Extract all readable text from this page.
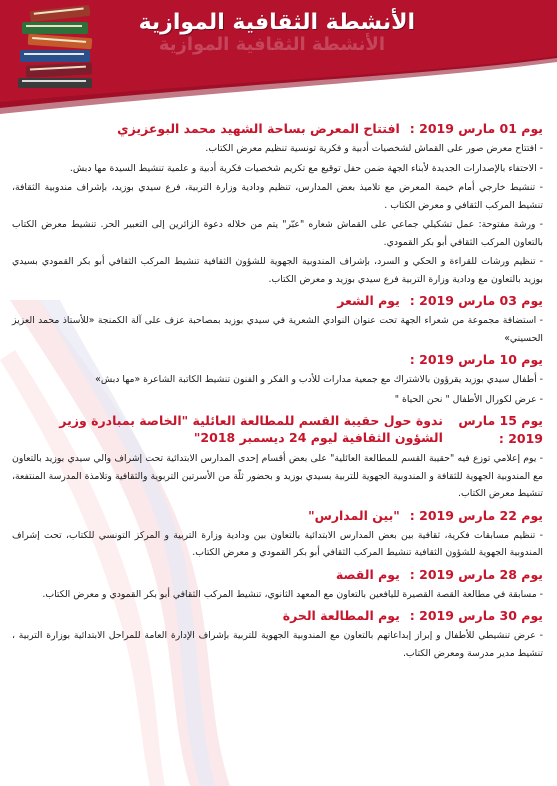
الأنشطة الثقافية الموازية
الأنشطة الثقافية الموازية
يوم 01 مارس 2019 :
افتتاح المعرض بساحة الشهيد محمد البوعزيزي
- افتتاح معرض صور على القماش لشخصيات أدبية و فكرية تونسية تنظيم معرض الكتاب.
- الاحتفاء بالإصدارات الجديدة لأبناء الجهة ضمن حفل توقيع مع تكريم شخصيات فكرية أدبية و علمية تنشيط السيدة مها دبش.
- تنشيط خارجي أمام خيمة المعرض مع تلاميذ بعض المدارس، تنظيم ودادية وزارة التربية، فرع سيدي بوزيد، بإشراف مندوبية الثقافة، تنشيط المركب الثقافي و معرض الكتاب .
- ورشة مفتوحة: عمل تشكيلي جماعي على القماش شعاره "عبّر" يتم من خلاله دعوة الزائرين إلى التعبير الحر. تنشيط معرض الكتاب بالتعاون المركب الثقافي أبو بكر القمودي.
- تنظيم ورشات للقراءة و الحكي و السرد، بإشراف المندوبية الجهوية للشؤون الثقافية تنشيط المركب الثقافي أبو بكر القمودي بسيدي بوزيد بالتعاون مع ودادية وزارة التربية فرع سيدي بوزيد و معرض الكتاب.
يوم 03 مارس 2019 :
يوم الشعر
- استضافة مجموعة من شعراء الجهة تحت عنوان النوادي الشعرية في سيدي بوزيد بمصاحبة عزف على آلة الكمنجة «للأستاذ محمد العزيز الحسيني»
يوم 10 مارس 2019 :
- أطفال سيدي بوزيد يقرؤون بالاشتراك مع جمعية مدارات للأدب و الفكر و الفنون تنشيط الكاتبة الشاعرة «مها دبش»
- عرض لكورال الأطفال " نحن الحياة "
يوم 15 مارس 2019 :
ندوة حول حقيبة القسم للمطالعة العائلية "الخاصة بمبادرة وزير الشؤون الثقافية ليوم 24 ديسمبر 2018"
- يوم إعلامي توزع فيه "حقيبة القسم للمطالعة العائلية" على بعض أقسام إحدى المدارس الابتدائية تحت إشراف والي سيدي بوزيد بالتعاون مع المندوبية الجهوية للثقافة و المندوبية الجهوية للتربية بسيدي بوزيد و بحضور ثلّة من الأسرتين التربوية والثقافية وتلامذة المدرسة المنتفعة، تنشيط معرض الكتاب.
يوم 22 مارس 2019 :
"بين المدارس"
- تنظيم مسابقات فكرية، ثقافية بين بعض المدارس الابتدائية بالتعاون بين ودادية وزارة التربية و المركز التونسي للكتاب، تحت إشراف المندوبية الجهوية للشؤون الثقافية تنشيط المركب الثقافي أبو بكر القمودي و معرض الكتاب.
يوم 28 مارس 2019 :
يوم القصة
- مسابقة في مطالعة القصة القصيرة لليافعين بالتعاون مع المعهد الثانوي، تنشيط المركب الثقافي أبو بكر القمودي و معرض الكتاب.
يوم 30 مارس 2019 :
يوم المطالعة الحرة
- عرض تنشيطي للأطفال و إبراز إبداعاتهم بالتعاون مع المندوبية الجهوية للتربية بإشراف الإدارة العامة للمراحل الابتدائية بوزارة التربية ، تنشيط مدير مدرسة ومعرض الكتاب.
